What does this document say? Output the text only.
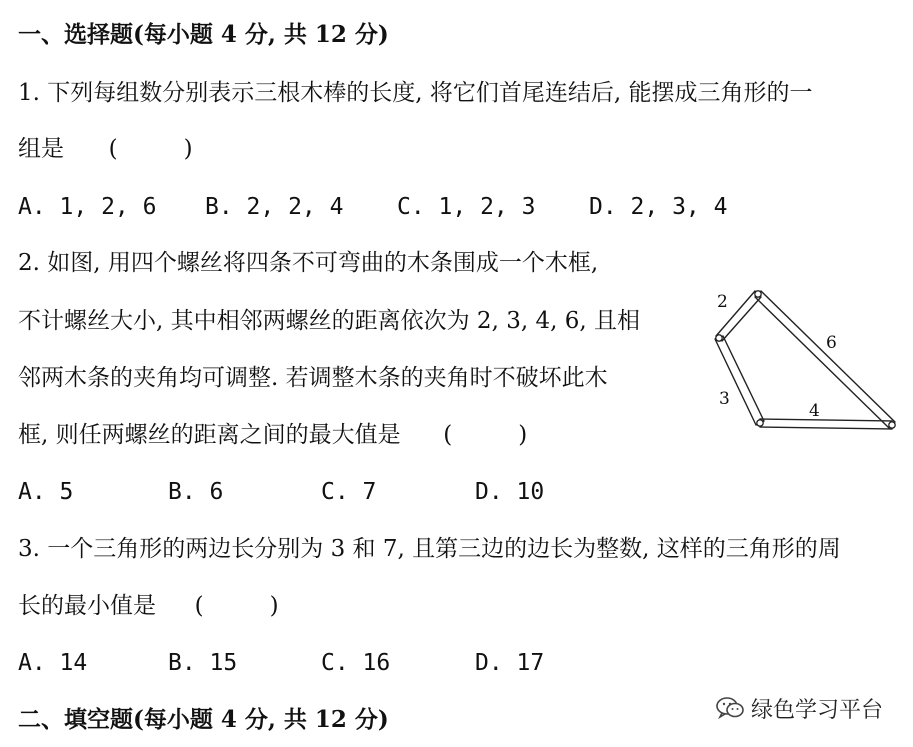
一、选择题(每小题 4 分, 共 12 分)
1. 下列每组数分别表示三根木棒的长度, 将它们首尾连结后, 能摆成三角形的一
组是 (	)
A. 1, 2, 6 B. 2, 2, 4 C. 1, 2, 3 D. 2, 3, 4
2. 如图, 用四个螺丝将四条不可弯曲的木条围成一个木框,
不计螺丝大小, 其中相邻两螺丝的距离依次为 2, 3, 4, 6, 且相
邻两木条的夹角均可调整. 若调整木条的夹角时不破坏此木
框, 则任两螺丝的距离之间的最大值是 (	)
A. 5	B. 6	C. 7	D. 10
2
6
3
4
3. 一个三角形的两边长分别为 3 和 7, 且第三边的边长为整数, 这样的三角形的周
长的最小值是 (	)
A. 14	B. 15	C. 16	D. 17
二、填空题(每小题 4 分, 共 12 分)	绿色学习平台
